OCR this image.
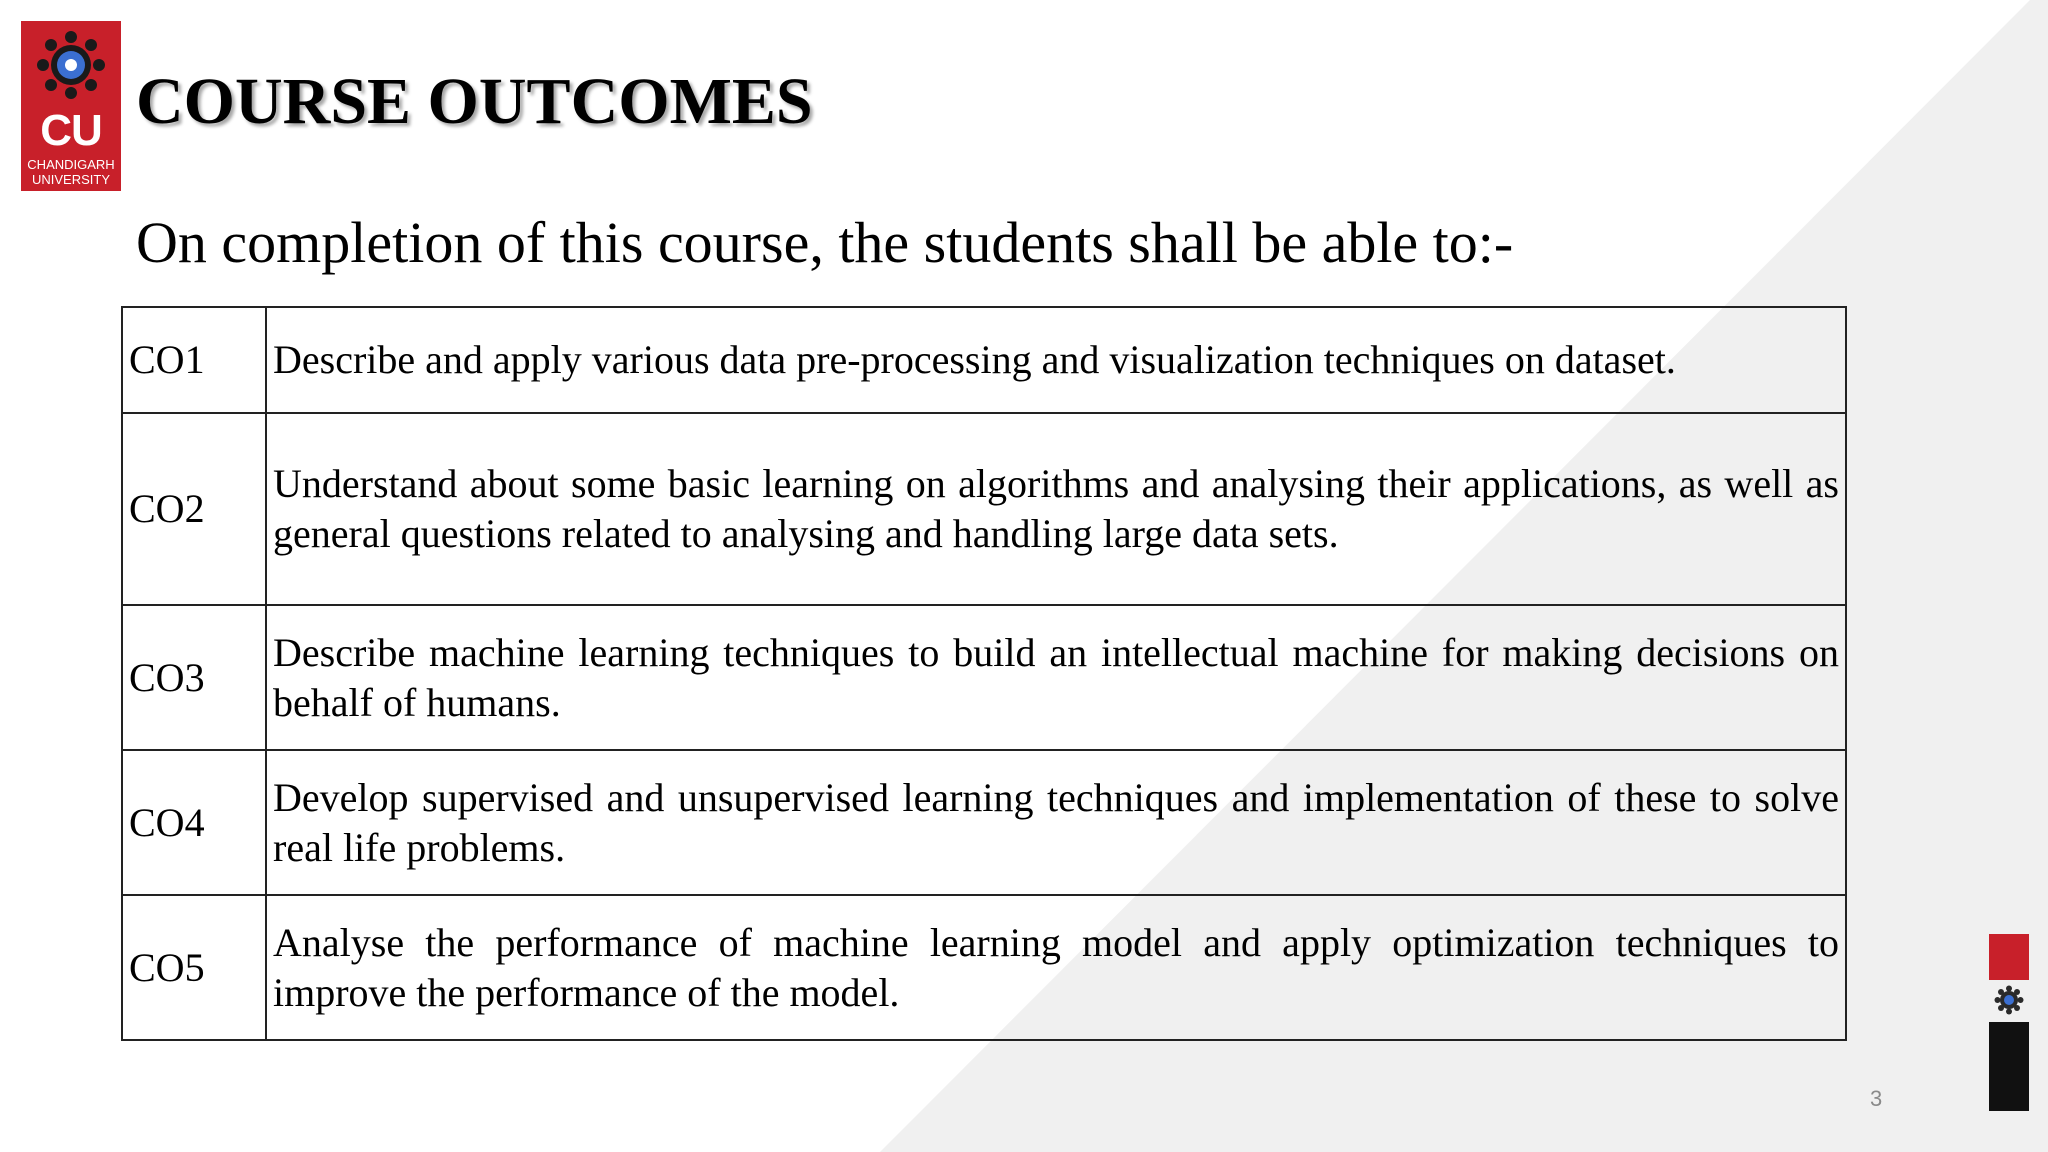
CU
CHANDIGARH
UNIVERSITY
COURSE OUTCOMES
On completion of this course, the students shall be able to:-
CO1	Describe and apply various data pre-processing and visualization techniques on dataset.
CO2	Understand about some basic learning on algorithms and analysing their applications, as well as general questions related to analysing and handling large data sets.
CO3	Describe machine learning techniques to build an intellectual machine for making decisions on behalf of humans.
CO4	Develop supervised and unsupervised learning techniques and implementation of these to solve real life problems.
CO5	Analyse the performance of machine learning model and apply optimization techniques to improve the performance of the model.
3
